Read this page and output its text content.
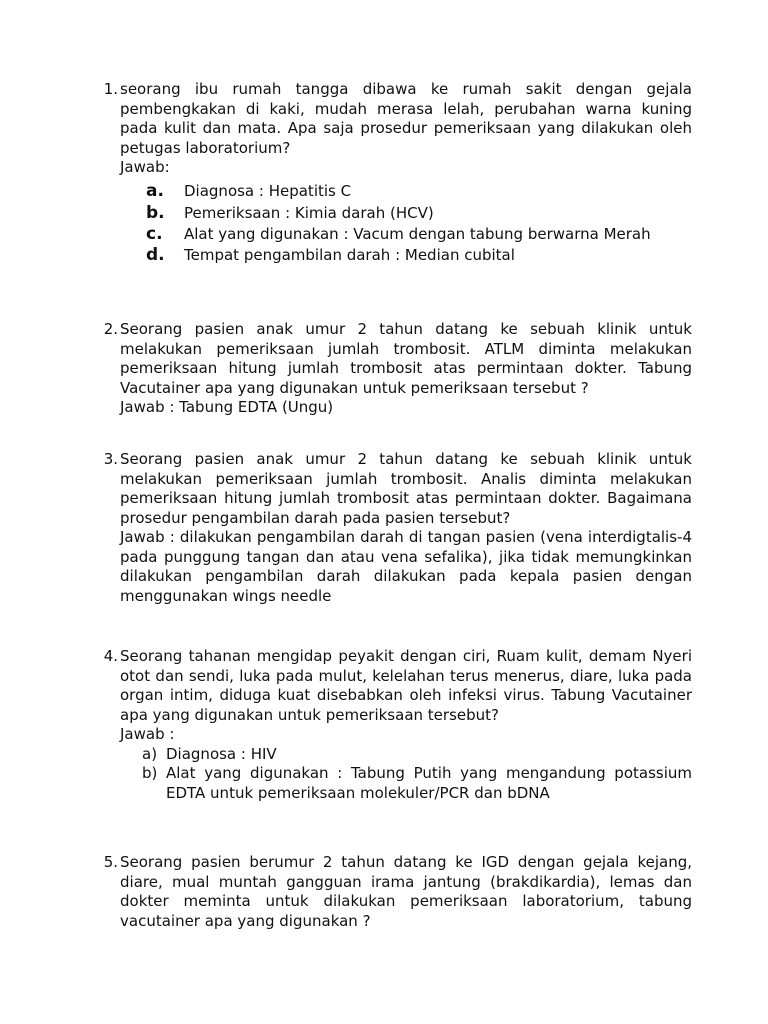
1. seorang ibu rumah tangga dibawa ke rumah sakit dengan gejala pembengkakan di kaki, mudah merasa lelah, perubahan warna kuning pada kulit dan mata. Apa saja prosedur pemeriksaan yang dilakukan oleh petugas laboratorium?

Jawab:

a. Diagnosa : Hepatitis C
b. Pemeriksaan : Kimia darah (HCV)
c.	Alat yang digunakan : Vacum dengan tabung berwarna Merah
d. Tempat pengambilan darah : Median cubital
2. Seorang pasien anak umur 2 tahun datang ke sebuah klinik untuk melakukan pemeriksaan jumlah trombosit. ATLM diminta melakukan pemeriksaan hitung jumlah trombosit atas permintaan dokter. Tabung Vacutainer apa yang digunakan untuk pemeriksaan tersebut ?

Jawab : Tabung EDTA (Ungu)

3. Seorang pasien anak umur 2 tahun datang ke sebuah klinik untuk melakukan pemeriksaan jumlah trombosit. Analis diminta melakukan pemeriksaan hitung jumlah trombosit atas permintaan dokter. Bagaimana prosedur pengambilan darah pada pasien tersebut?

Jawab : dilakukan pengambilan darah di tangan pasien (vena interdigtalis-4 pada punggung tangan dan atau vena sefalika), jika tidak memungkinkan dilakukan pengambilan darah dilakukan pada kepala pasien dengan menggunakan wings needle

4. Seorang tahanan mengidap peyakit dengan ciri, Ruam kulit, demam Nyeri otot dan sendi, luka pada mulut, kelelahan terus menerus, diare, luka pada organ intim, diduga kuat disebabkan oleh infeksi virus. Tabung Vacutainer apa yang digunakan untuk pemeriksaan tersebut?

Jawab :

a) Diagnosa : HIV
b) Alat yang digunakan : Tabung Putih yang mengandung potassium EDTA untuk pemeriksaan molekuler/PCR dan bDNA
5. Seorang pasien berumur 2 tahun datang ke IGD dengan gejala kejang, diare, mual muntah gangguan irama jantung (brakdikardia), lemas dan dokter meminta untuk dilakukan pemeriksaan laboratorium, tabung vacutainer apa yang digunakan ?
